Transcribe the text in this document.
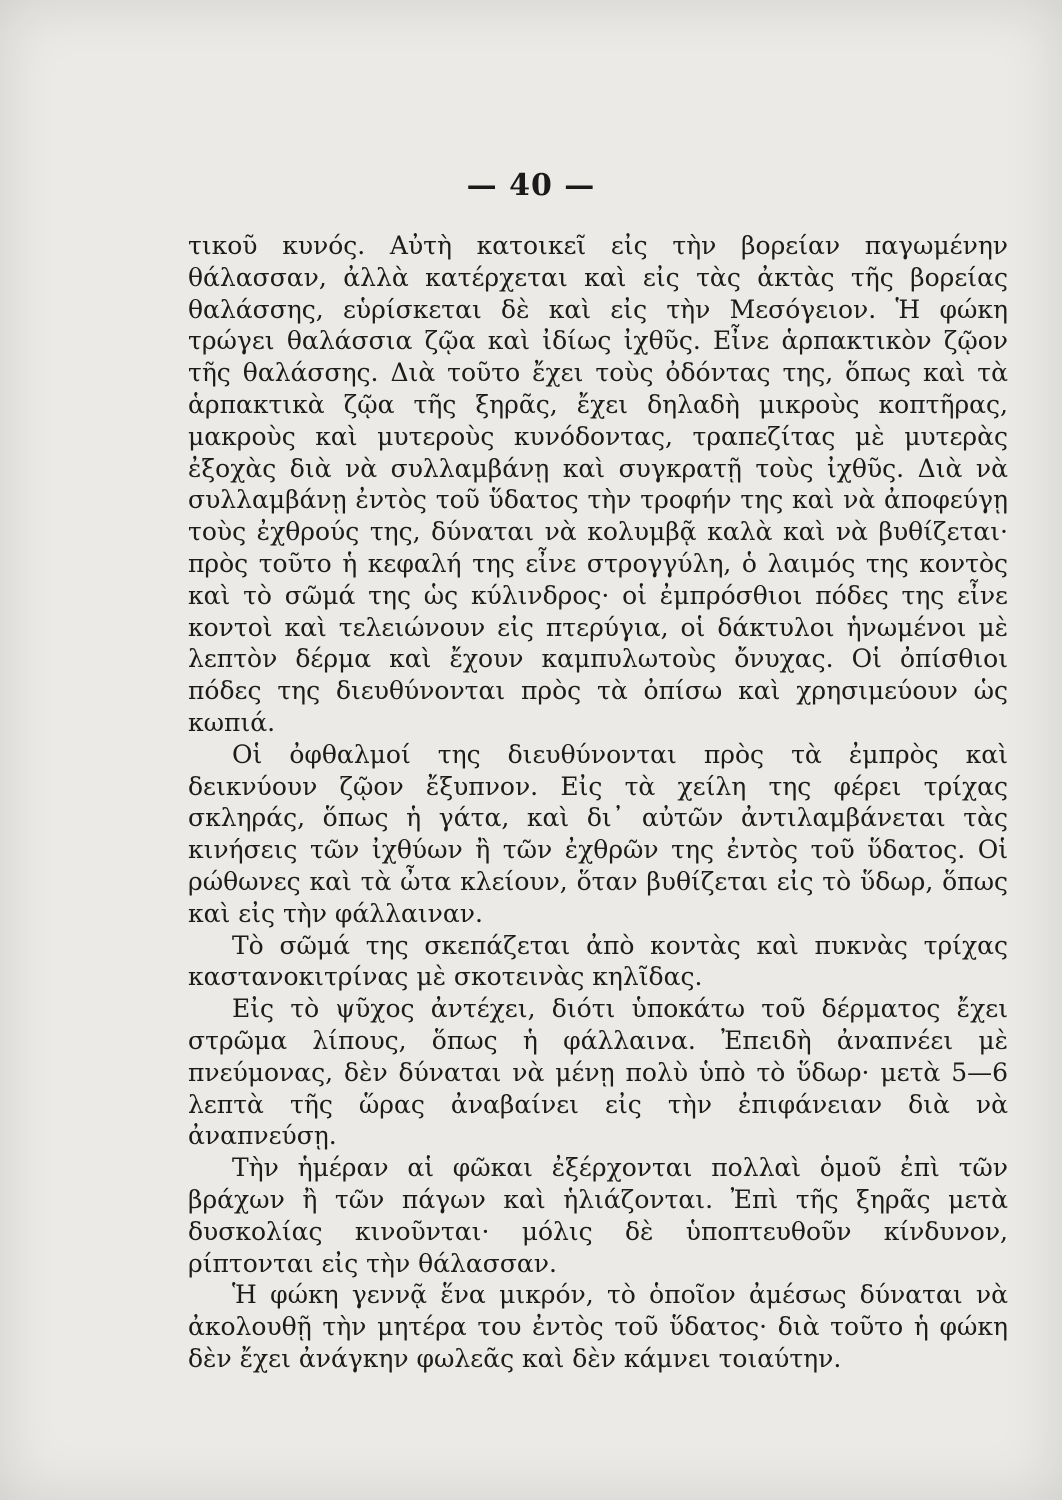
— 40 —

τικοῦ κυνός. Αὐτὴ κατοικεῖ εἰς τὴν βορείαν παγωμένην θάλασσαν, ἀλλὰ κατέρχεται καὶ εἰς τὰς ἀκτὰς τῆς βορείας θαλάσσης, εὑρίσκεται δὲ καὶ εἰς τὴν Μεσόγειον. Ἡ φώκη τρώγει θαλάσσια ζῷα καὶ ἰδίως ἰχθῦς. Εἶνε ἁρπακτικὸν ζῷον τῆς θαλάσσης. Διὰ τοῦτο ἔχει τοὺς ὀδόντας της, ὅπως καὶ τὰ ἁρπακτικὰ ζῷα τῆς ξηρᾶς, ἔχει δηλαδὴ μικροὺς κοπτῆρας, μακροὺς καὶ μυτεροὺς κυνόδοντας, τραπεζίτας μὲ μυτερὰς ἐξοχὰς διὰ νὰ συλλαμβάνῃ καὶ συγκρατῇ τοὺς ἰχθῦς. Διὰ νὰ συλλαμβάνῃ ἐντὸς τοῦ ὕδατος τὴν τροφήν της καὶ νὰ ἀποφεύγῃ τοὺς ἐχθρούς της, δύναται νὰ κολυμβᾷ καλὰ καὶ νὰ βυθίζεται· πρὸς τοῦτο ἡ κεφαλή της εἶνε στρογγύλη, ὁ λαιμός της κοντὸς καὶ τὸ σῶμά της ὡς κύλινδρος· οἱ ἐμπρόσθιοι πόδες της εἶνε κοντοὶ καὶ τελειώνουν εἰς πτερύγια, οἱ δάκτυλοι ἡνωμένοι μὲ λεπτὸν δέρμα καὶ ἔχουν καμπυλωτοὺς ὄνυχας. Οἱ ὀπίσθιοι πόδες της διευθύνονται πρὸς τὰ ὀπίσω καὶ χρησιμεύουν ὡς κωπιά.

Οἱ ὀφθαλμοί της διευθύνονται πρὸς τὰ ἐμπρὸς καὶ δεικνύουν ζῷον ἔξυπνον. Εἰς τὰ χείλη της φέρει τρίχας σκληράς, ὅπως ἡ γάτα, καὶ δι᾽ αὐτῶν ἀντιλαμβάνεται τὰς κινήσεις τῶν ἰχθύων ἢ τῶν ἐχθρῶν της ἐντὸς τοῦ ὕδατος. Οἱ ρώθωνες καὶ τὰ ὦτα κλείουν, ὅταν βυθίζεται εἰς τὸ ὕδωρ, ὅπως καὶ εἰς τὴν φάλλαιναν.

Τὸ σῶμά της σκεπάζεται ἀπὸ κοντὰς καὶ πυκνὰς τρίχας καστανοκιτρίνας μὲ σκοτεινὰς κηλῖδας.

Εἰς τὸ ψῦχος ἀντέχει, διότι ὑποκάτω τοῦ δέρματος ἔχει στρῶμα λίπους, ὅπως ἡ φάλλαινα. Ἐπειδὴ ἀναπνέει μὲ πνεύμονας, δὲν δύναται νὰ μένῃ πολὺ ὑπὸ τὸ ὕδωρ· μετὰ 5—6 λεπτὰ τῆς ὥρας ἀναβαίνει εἰς τὴν ἐπιφάνειαν διὰ νὰ ἀναπνεύσῃ.

Τὴν ἡμέραν αἱ φῶκαι ἐξέρχονται πολλαὶ ὁμοῦ ἐπὶ τῶν βράχων ἢ τῶν πάγων καὶ ἡλιάζονται. Ἐπὶ τῆς ξηρᾶς μετὰ δυσκολίας κινοῦνται· μόλις δὲ ὑποπτευθοῦν κίνδυνον, ρίπτονται εἰς τὴν θάλασσαν.

Ἡ φώκη γεννᾷ ἕνα μικρόν, τὸ ὁποῖον ἀμέσως δύναται νὰ ἀκολουθῇ τὴν μητέρα του ἐντὸς τοῦ ὕδατος· διὰ τοῦτο ἡ φώκη δὲν ἔχει ἀνάγκην φωλεᾶς καὶ δὲν κάμνει τοιαύτην.
